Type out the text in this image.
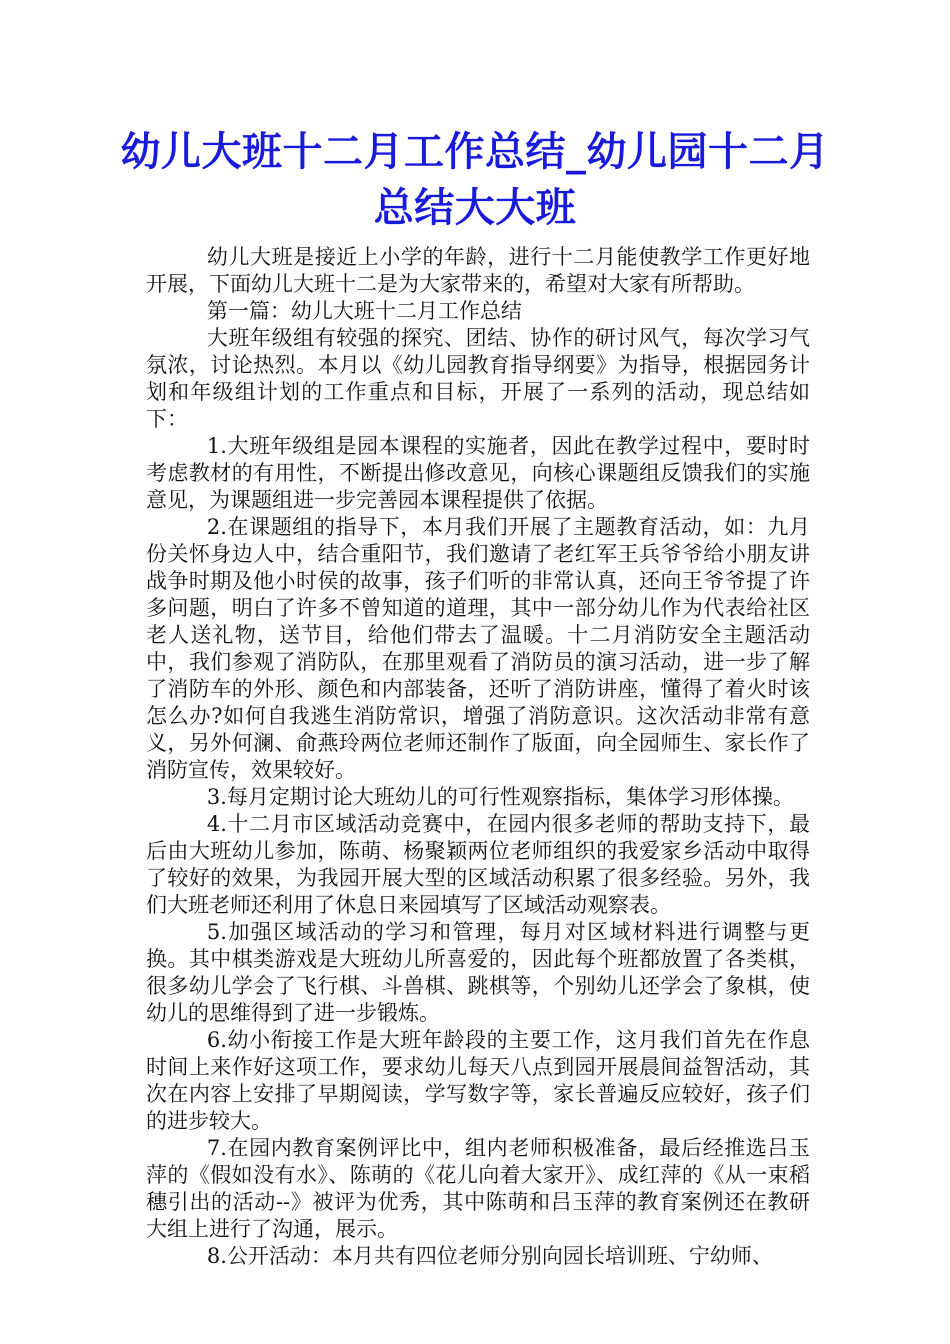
幼儿大班十二月工作总结_幼儿园十二月总结大大班

幼儿大班是接近上小学的年龄，进行十二月能使教学工作更好地开展，下面幼儿大班十二是为大家带来的，希望对大家有所帮助。

第一篇：幼儿大班十二月工作总结

大班年级组有较强的探究、团结、协作的研讨风气，每次学习气氛浓，讨论热烈。本月以《幼儿园教育指导纲要》为指导，根据园务计划和年级组计划的工作重点和目标，开展了一系列的活动，现总结如下：

1.大班年级组是园本课程的实施者，因此在教学过程中，要时时考虑教材的有用性，不断提出修改意见，向核心课题组反馈我们的实施意见，为课题组进一步完善园本课程提供了依据。

2.在课题组的指导下，本月我们开展了主题教育活动，如：九月份关怀身边人中，结合重阳节，我们邀请了老红军王兵爷爷给小朋友讲战争时期及他小时侯的故事，孩子们听的非常认真，还向王爷爷提了许多问题，明白了许多不曾知道的道理，其中一部分幼儿作为代表给社区老人送礼物，送节目，给他们带去了温暖。十二月消防安全主题活动中，我们参观了消防队，在那里观看了消防员的演习活动，进一步了解了消防车的外形、颜色和内部装备，还听了消防讲座，懂得了着火时该怎么办?如何自我逃生消防常识，增强了消防意识。这次活动非常有意义，另外何澜、俞燕玲两位老师还制作了版面，向全园师生、家长作了消防宣传，效果较好。

3.每月定期讨论大班幼儿的可行性观察指标，集体学习形体操。

4.十二月市区域活动竞赛中，在园内很多老师的帮助支持下，最后由大班幼儿参加，陈萌、杨聚颖两位老师组织的我爱家乡活动中取得了较好的效果，为我园开展大型的区域活动积累了很多经验。另外，我们大班老师还利用了休息日来园填写了区域活动观察表。

5.加强区域活动的学习和管理，每月对区域材料进行调整与更换。其中棋类游戏是大班幼儿所喜爱的，因此每个班都放置了各类棋，很多幼儿学会了飞行棋、斗兽棋、跳棋等，个别幼儿还学会了象棋，使幼儿的思维得到了进一步锻炼。

6.幼小衔接工作是大班年龄段的主要工作，这月我们首先在作息时间上来作好这项工作，要求幼儿每天八点到园开展晨间益智活动，其次在内容上安排了早期阅读，学写数字等，家长普遍反应较好，孩子们的进步较大。

7.在园内教育案例评比中，组内老师积极准备，最后经推选吕玉萍的《假如没有水》、陈萌的《花儿向着大家开》、成红萍的《从一束稻穗引出的活动--》被评为优秀，其中陈萌和吕玉萍的教育案例还在教研大组上进行了沟通，展示。

8.公开活动：本月共有四位老师分别向园长培训班、宁幼师、
